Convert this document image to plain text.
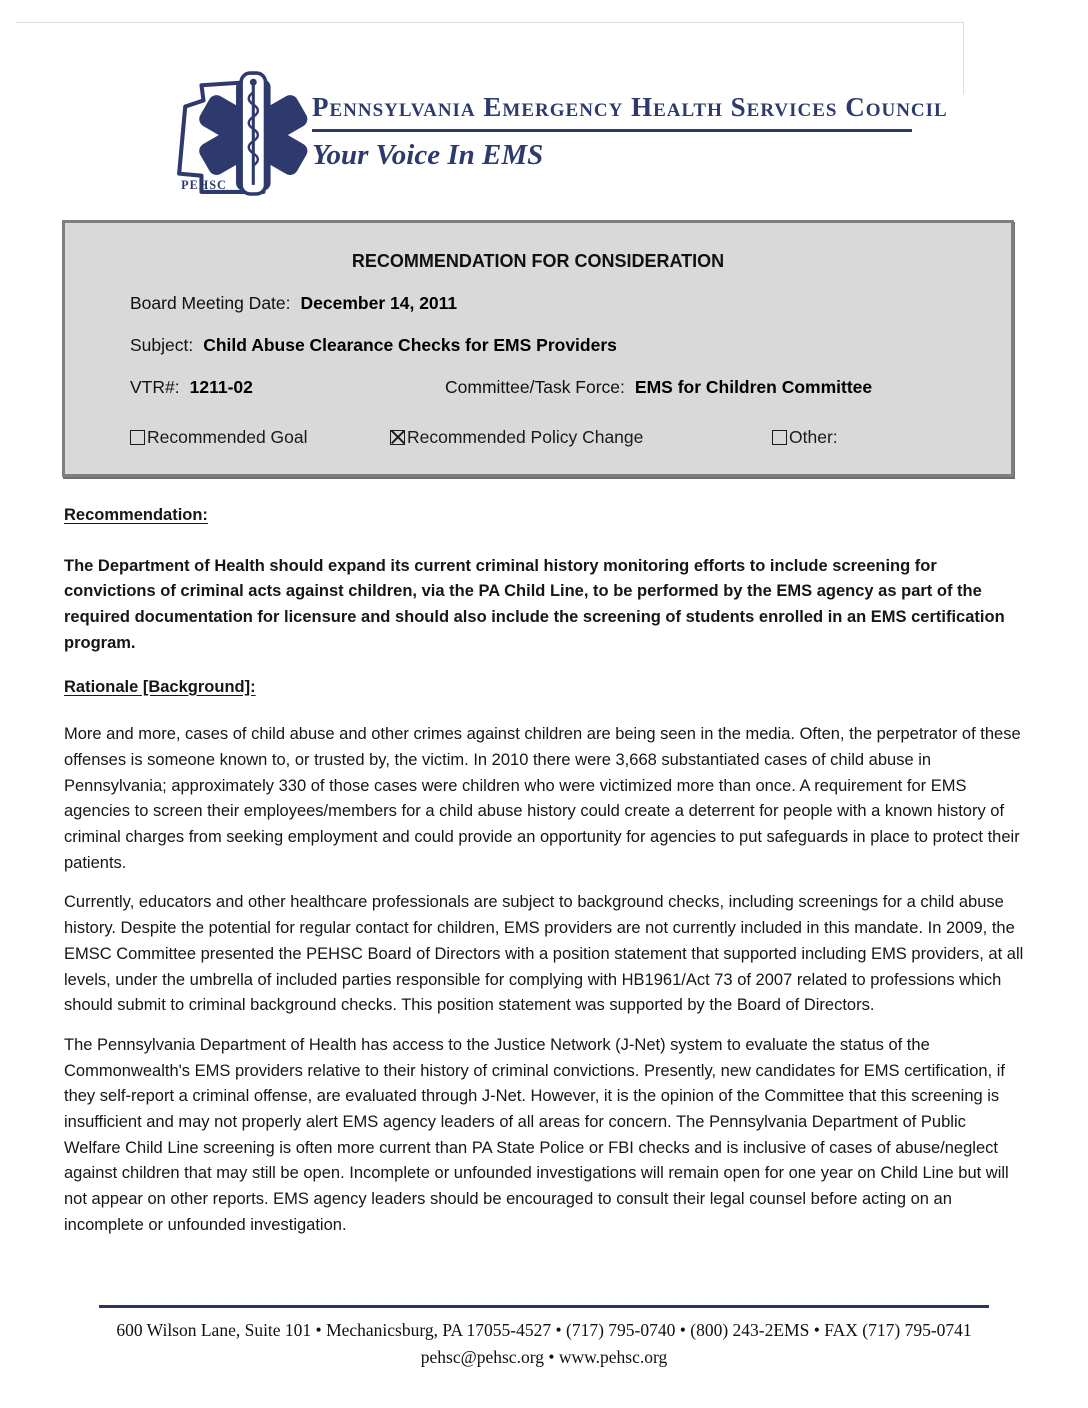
PEHSC
Pennsylvania Emergency Health Services Council
Your Voice In EMS
RECOMMENDATION FOR CONSIDERATION
Board Meeting Date: December 14, 2011
Subject: Child Abuse Clearance Checks for EMS Providers
VTR#: 1211-02	Committee/Task Force: EMS for Children Committee
Recommended Goal	Recommended Policy Change	Other:
Recommendation:

The Department of Health should expand its current criminal history monitoring efforts to include screening for convictions of criminal acts against children, via the PA Child Line, to be performed by the EMS agency as part of the required documentation for licensure and should also include the screening of students enrolled in an EMS certification program.

Rationale [Background]:

More and more, cases of child abuse and other crimes against children are being seen in the media. Often, the perpetrator of these offenses is someone known to, or trusted by, the victim. In 2010 there were 3,668 substantiated cases of child abuse in Pennsylvania; approximately 330 of those cases were children who were victimized more than once. A requirement for EMS agencies to screen their employees/members for a child abuse history could create a deterrent for people with a known history of criminal charges from seeking employment and could provide an opportunity for agencies to put safeguards in place to protect their patients.

Currently, educators and other healthcare professionals are subject to background checks, including screenings for a child abuse history. Despite the potential for regular contact for children, EMS providers are not currently included in this mandate. In 2009, the EMSC Committee presented the PEHSC Board of Directors with a position statement that supported including EMS providers, at all levels, under the umbrella of included parties responsible for complying with HB1961/Act 73 of 2007 related to professions which should submit to criminal background checks. This position statement was supported by the Board of Directors.

The Pennsylvania Department of Health has access to the Justice Network (J-Net) system to evaluate the status of the Commonwealth's EMS providers relative to their history of criminal convictions. Presently, new candidates for EMS certification, if they self-report a criminal offense, are evaluated through J-Net. However, it is the opinion of the Committee that this screening is insufficient and may not properly alert EMS agency leaders of all areas for concern. The Pennsylvania Department of Public Welfare Child Line screening is often more current than PA State Police or FBI checks and is inclusive of cases of abuse/neglect against children that may still be open. Incomplete or unfounded investigations will remain open for one year on Child Line but will not appear on other reports. EMS agency leaders should be encouraged to consult their legal counsel before acting on an incomplete or unfounded investigation.

600 Wilson Lane, Suite 101 • Mechanicsburg, PA 17055-4527 • (717) 795-0740 • (800) 243-2EMS • FAX (717) 795-0741
pehsc@pehsc.org • www.pehsc.org
